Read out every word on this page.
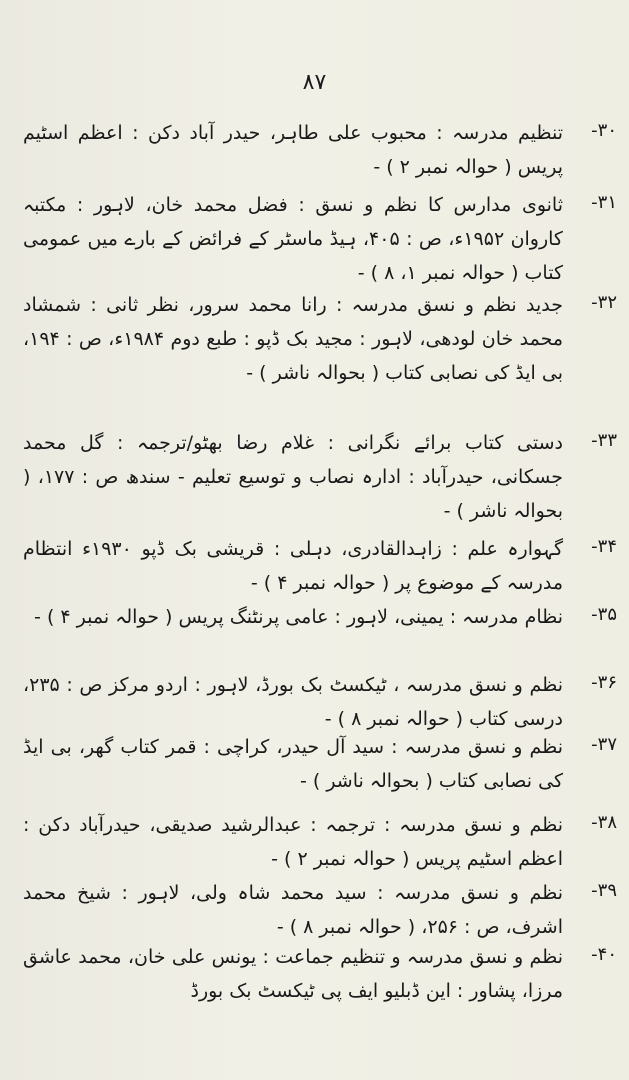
٨٧
۳۰-
تنظیم مدرسہ : محبوب علی طاہر، حیدر آباد دکن : اعظم اسٹیم پریس ( حوالہ نمبر ۲ ) -
۳۱-
ثانوی مدارس کا نظم و نسق : فضل محمد خان، لاہور : مکتبہ کاروان ۱۹۵۲ء، ص : ۴۰۵، ہیڈ ماسٹر کے فرائض کے بارے میں عمومی کتاب ( حوالہ نمبر ۱، ۸ ) -
۳۲-
جدید نظم و نسق مدرسہ : رانا محمد سرور، نظر ثانی : شمشاد محمد خان لودھی، لاہور : مجید بک ڈپو : طبع دوم ۱۹۸۴ء، ص : ۱۹۴، بی ایڈ کی نصابی کتاب ( بحوالہ ناشر ) -
۳۳-
دستی کتاب برائے نگرانی : غلام رضا بھٹو/ترجمہ : گل محمد جسکانی، حیدرآباد : ادارہ نصاب و توسیع تعلیم - سندھ ص : ۱۷۷، ( بحوالہ ناشر ) -
۳۴-
گہوارہ علم : زاہدالقادری، دہلی : قریشی بک ڈپو ۱۹۳۰ء انتظام مدرسہ کے موضوع پر ( حوالہ نمبر ۴ ) -
۳۵-
نظام مدرسہ : یمینی، لاہور : عامی پرنٹنگ پریس ( حوالہ نمبر ۴ ) -
۳۶-
نظم و نسق مدرسہ ، ٹیکسٹ بک بورڈ، لاہور : اردو مرکز ص : ۲۳۵، درسی کتاب ( حوالہ نمبر ۸ ) -
۳۷-
نظم و نسق مدرسہ : سید آل حیدر، کراچی : قمر کتاب گھر، بی ایڈ کی نصابی کتاب ( بحوالہ ناشر ) -
۳۸-
نظم و نسق مدرسہ : ترجمہ : عبدالرشید صدیقی، حیدرآباد دکن : اعظم اسٹیم پریس ( حوالہ نمبر ۲ ) -
۳۹-
نظم و نسق مدرسہ : سید محمد شاہ ولی، لاہور : شیخ محمد اشرف، ص : ۲۵۶، ( حوالہ نمبر ۸ ) -
۴۰-
نظم و نسق مدرسہ و تنظیم جماعت : یونس علی خان، محمد عاشق مرزا، پشاور : این ڈبلیو ایف پی ٹیکسٹ بک بورڈ
